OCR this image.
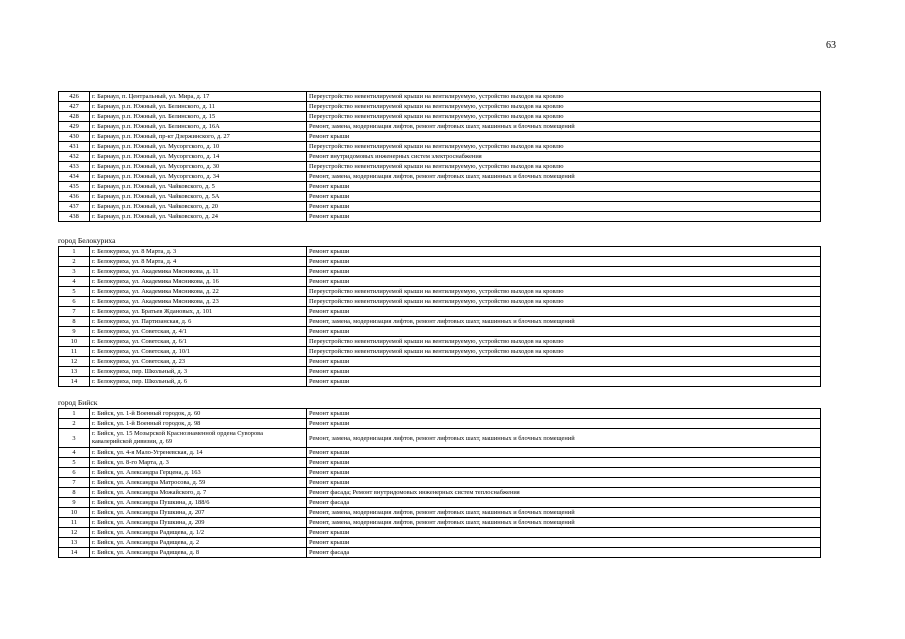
63
426	г. Барнаул, п. Центральный, ул. Мира, д. 17	Переустройство невентилируемой крыши на вентилируемую, устройство выходов на кровлю
427	г. Барнаул, р.п. Южный, ул. Белинского, д. 11	Переустройство невентилируемой крыши на вентилируемую, устройство выходов на кровлю
428	г. Барнаул, р.п. Южный, ул. Белинского, д. 15	Переустройство невентилируемой крыши на вентилируемую, устройство выходов на кровлю
429	г. Барнаул, р.п. Южный, ул. Белинского, д. 16А	Ремонт, замена, модернизация лифтов, ремонт лифтовых шахт, машинных и блочных помещений
430	г. Барнаул, р.п. Южный, пр-кт Дзержинского, д. 27	Ремонт крыши
431	г. Барнаул, р.п. Южный, ул. Мусоргского, д. 10	Переустройство невентилируемой крыши на вентилируемую, устройство выходов на кровлю
432	г. Барнаул, р.п. Южный, ул. Мусоргского, д. 14	Ремонт внутридомовых инженерных систем электроснабжения
433	г. Барнаул, р.п. Южный, ул. Мусоргского, д. 30	Переустройство невентилируемой крыши на вентилируемую, устройство выходов на кровлю
434	г. Барнаул, р.п. Южный, ул. Мусоргского, д. 34	Ремонт, замена, модернизация лифтов, ремонт лифтовых шахт, машинных и блочных помещений
435	г. Барнаул, р.п. Южный, ул. Чайковского, д. 5	Ремонт крыши
436	г. Барнаул, р.п. Южный, ул. Чайковского, д. 5А	Ремонт крыши
437	г. Барнаул, р.п. Южный, ул. Чайковского, д. 20	Ремонт крыши
438	г. Барнаул, р.п. Южный, ул. Чайковского, д. 24	Ремонт крыши
город Белокуриха
1	г. Белокуриха, ул. 8 Марта, д. 3	Ремонт крыши
2	г. Белокуриха, ул. 8 Марта, д. 4	Ремонт крыши
3	г. Белокуриха, ул. Академика Мясникова, д. 11	Ремонт крыши
4	г. Белокуриха, ул. Академика Мясникова, д. 16	Ремонт крыши
5	г. Белокуриха, ул. Академика Мясникова, д. 22	Переустройство невентилируемой крыши на вентилируемую, устройство выходов на кровлю
6	г. Белокуриха, ул. Академика Мясникова, д. 23	Переустройство невентилируемой крыши на вентилируемую, устройство выходов на кровлю
7	г. Белокуриха, ул. Братьев Ждановых, д. 101	Ремонт крыши
8	г. Белокуриха, ул. Партизанская, д. 6	Ремонт, замена, модернизация лифтов, ремонт лифтовых шахт, машинных и блочных помещений
9	г. Белокуриха, ул. Советская, д. 4/1	Ремонт крыши
10	г. Белокуриха, ул. Советская, д. 6/1	Переустройство невентилируемой крыши на вентилируемую, устройство выходов на кровлю
11	г. Белокуриха, ул. Советская, д. 10/1	Переустройство невентилируемой крыши на вентилируемую, устройство выходов на кровлю
12	г. Белокуриха, ул. Советская, д. 23	Ремонт крыши
13	г. Белокуриха, пер. Школьный, д. 3	Ремонт крыши
14	г. Белокуриха, пер. Школьный, д. 6	Ремонт крыши
город Бийск
1	г. Бийск, ул. 1-й Военный городок, д. 60	Ремонт крыши
2	г. Бийск, ул. 1-й Военный городок, д. 98	Ремонт крыши
3	г. Бийск, ул. 15 Мозырской Краснознаменной ордена Суворова кавалерийской дивизии, д. 69	Ремонт, замена, модернизация лифтов, ремонт лифтовых шахт, машинных и блочных помещений
4	г. Бийск, ул. 4-я Мало-Угреневская, д. 14	Ремонт крыши
5	г. Бийск, ул. 8-го Марта, д. 3	Ремонт крыши
6	г. Бийск, ул. Александра Герцена, д. 163	Ремонт крыши
7	г. Бийск, ул. Александра Матросова, д. 59	Ремонт крыши
8	г. Бийск, ул. Александра Можайского, д. 7	Ремонт фасада; Ремонт внутридомовых инженерных систем теплоснабжения
9	г. Бийск, ул. Александра Пушкина, д. 188/6	Ремонт фасада
10	г. Бийск, ул. Александра Пушкина, д. 207	Ремонт, замена, модернизация лифтов, ремонт лифтовых шахт, машинных и блочных помещений
11	г. Бийск, ул. Александра Пушкина, д. 209	Ремонт, замена, модернизация лифтов, ремонт лифтовых шахт, машинных и блочных помещений
12	г. Бийск, ул. Александра Радищева, д. 1/2	Ремонт крыши
13	г. Бийск, ул. Александра Радищева, д. 2	Ремонт крыши
14	г. Бийск, ул. Александра Радищева, д. 8	Ремонт фасада
